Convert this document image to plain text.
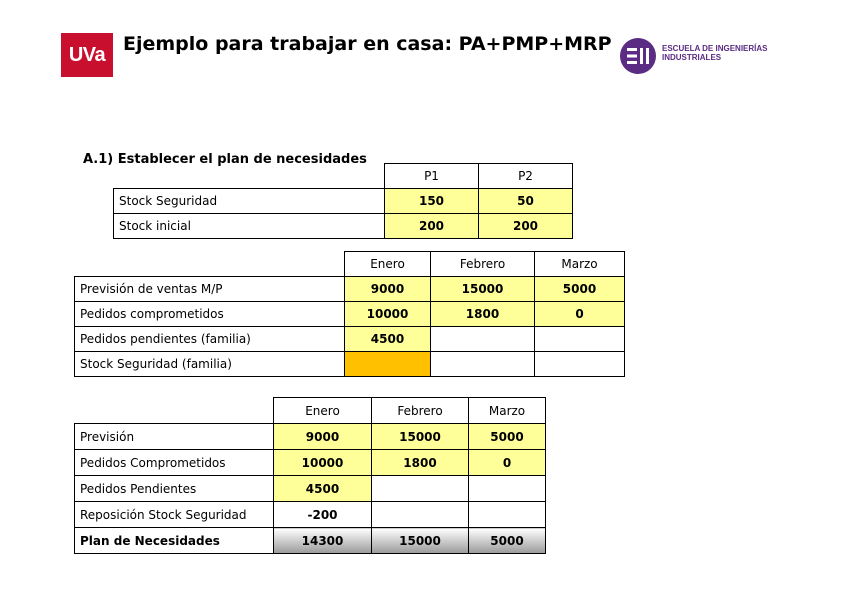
UVa Ejemplo para trabajar en casa: PA+PMP+MRP	ESCUELA DE INGENIERÍAS
INDUSTRIALES
A.1) Establecer el plan de necesidades
	P1	P2
Stock Seguridad	150	50
Stock inicial	200	200
	Enero	Febrero	Marzo
Previsión de ventas M/P	9000	15000	5000
Pedidos comprometidos	10000	1800	0
Pedidos pendientes (familia)	4500		
Stock Seguridad (familia)			
	Enero	Febrero	Marzo
Previsión	9000	15000	5000
Pedidos Comprometidos	10000	1800	0
Pedidos Pendientes	4500		
Reposición Stock Seguridad	-200		
Plan de Necesidades	14300	15000	5000
